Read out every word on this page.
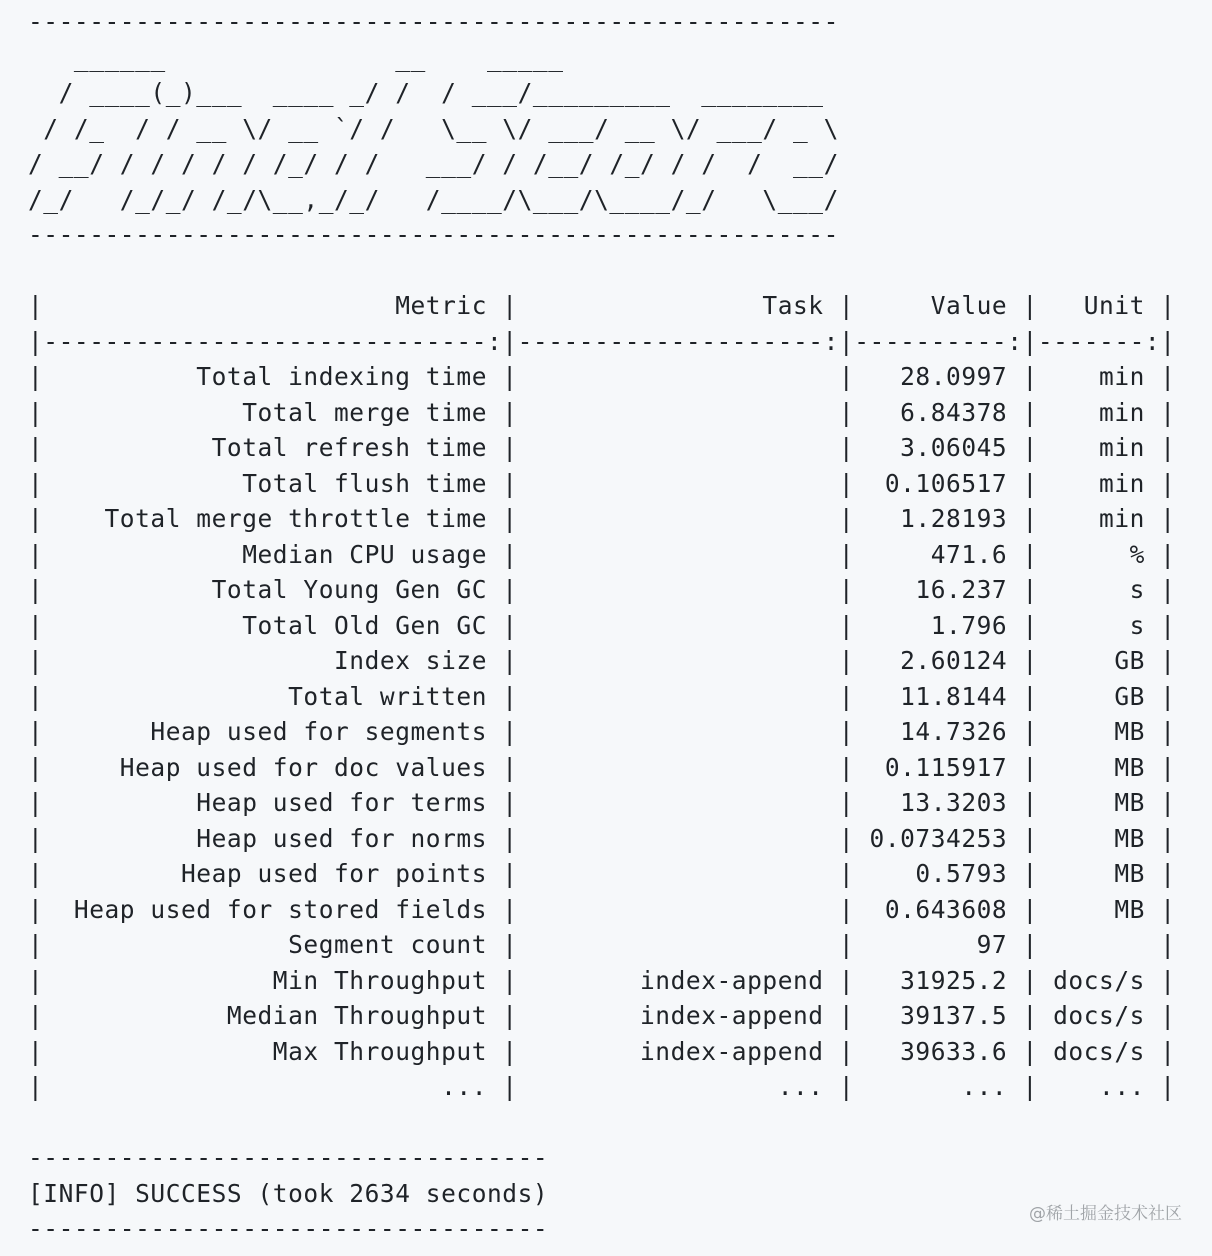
-----------------------------------------------------
______               __    _____
/ ____(_)___  ____ _/ /  / ___/_________  ________
/ /_  / / __ \/ __ `/ /   \__ \/ ___/ __ \/ ___/ _ \
/ __/ / / / / / /_/ / /   ___/ / /__/ /_/ / /  /  __/
/_/   /_/_/ /_/\__,_/_/   /____/\___/\____/_/   \___/
-----------------------------------------------------

|                       Metric |                Task |     Value |   Unit |
|-----------------------------:|--------------------:|----------:|-------:|
|          Total indexing time |                     |   28.0997 |    min |
|             Total merge time |                     |   6.84378 |    min |
|           Total refresh time |                     |   3.06045 |    min |
|             Total flush time |                     |  0.106517 |    min |
|    Total merge throttle time |                     |   1.28193 |    min |
|             Median CPU usage |                     |     471.6 |      % |
|           Total Young Gen GC |                     |    16.237 |      s |
|             Total Old Gen GC |                     |     1.796 |      s |
|                   Index size |                     |   2.60124 |     GB |
|                Total written |                     |   11.8144 |     GB |
|       Heap used for segments |                     |   14.7326 |     MB |
|     Heap used for doc values |                     |  0.115917 |     MB |
|          Heap used for terms |                     |   13.3203 |     MB |
|          Heap used for norms |                     | 0.0734253 |     MB |
|         Heap used for points |                     |    0.5793 |     MB |
|  Heap used for stored fields |                     |  0.643608 |     MB |
|                Segment count |                     |        97 |        |
|               Min Throughput |        index-append |   31925.2 | docs/s |
|            Median Throughput |        index-append |   39137.5 | docs/s |
|               Max Throughput |        index-append |   39633.6 | docs/s |
|                          ... |                 ... |       ... |    ... |

----------------------------------
[INFO] SUCCESS (took 2634 seconds)
----------------------------------	@稀土掘金技术社区
